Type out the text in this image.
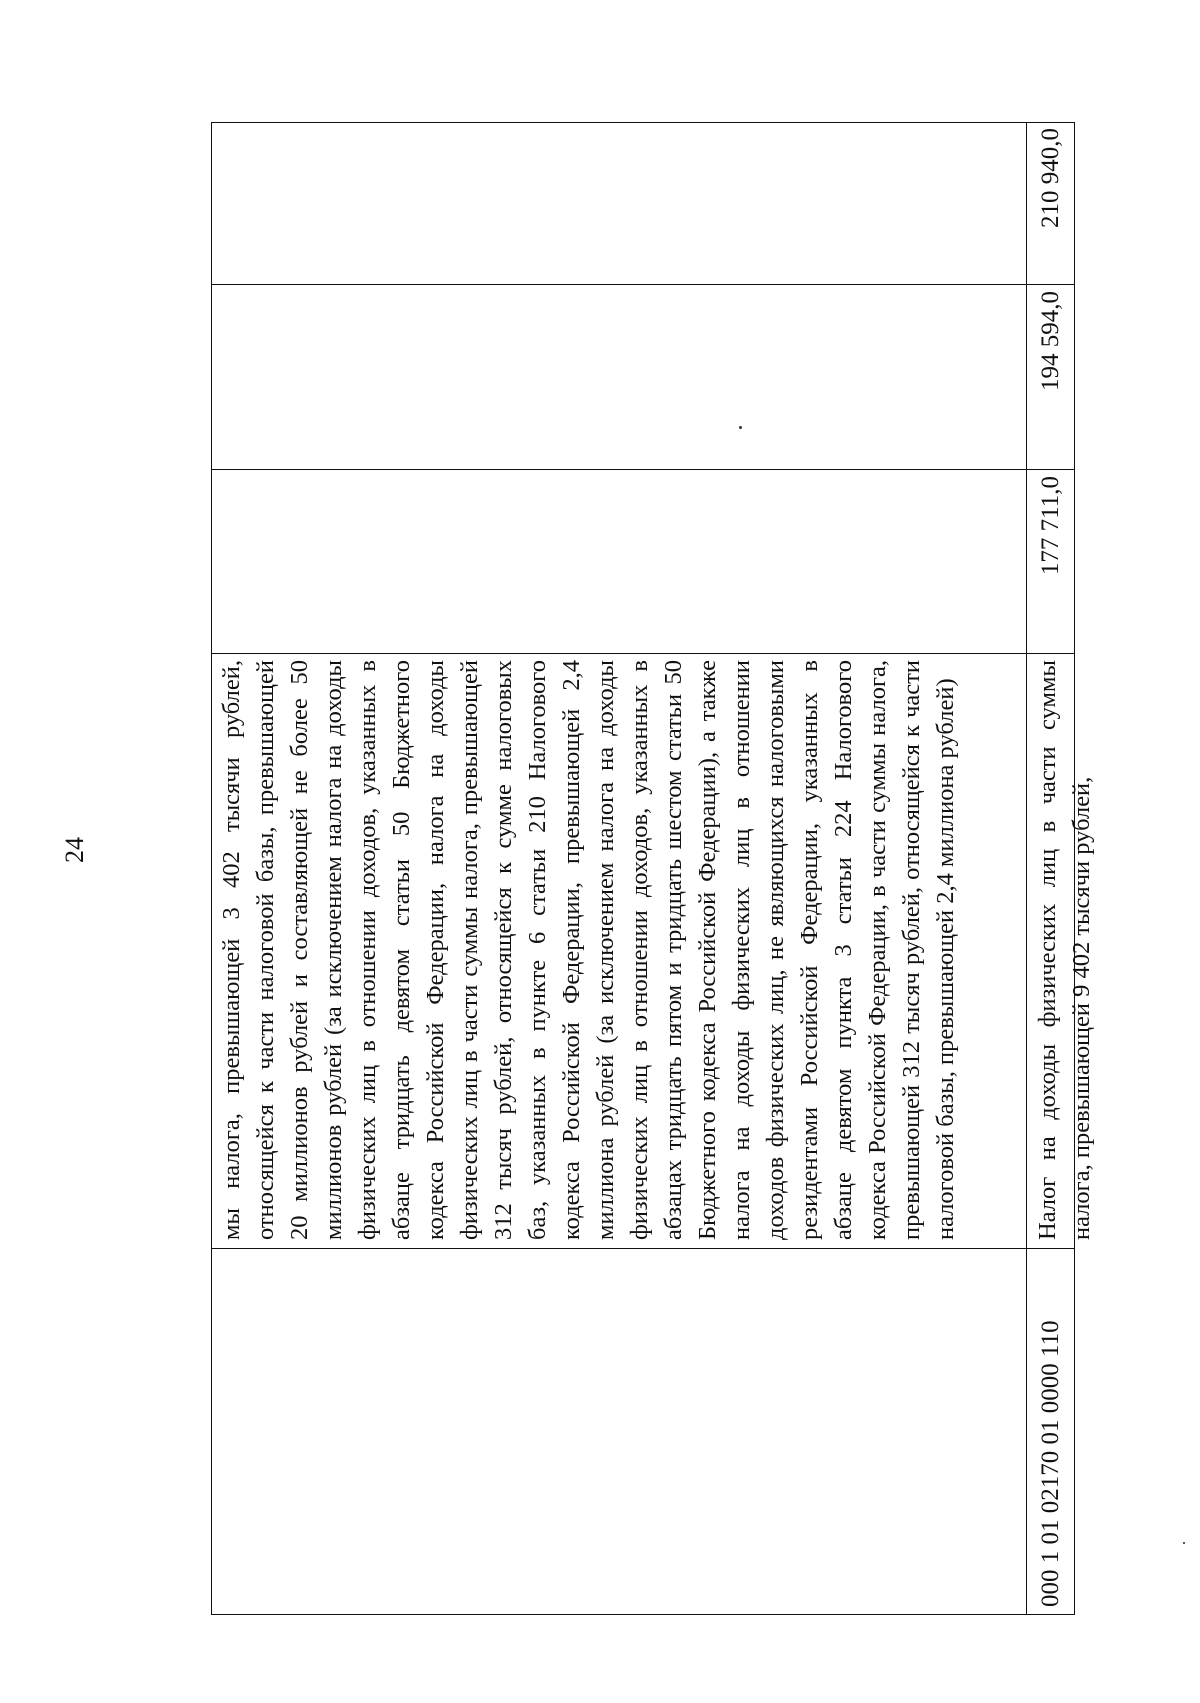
24	мы налога, превышающей 3 402 тысячи рублей, относящейся к части налоговой базы, превышающей 20 миллионов рублей и составляющей не более 50 миллионов рублей (за исключением налога на доходы физических лиц в отношении доходов, указанных в абзаце тридцать девятом статьи 50 Бюджетного кодекса Российской Федерации, налога на доходы физических лиц в части суммы налога, превышающей 312 тысяч рублей, относящейся к сумме налоговых баз, указанных в пункте 6 статьи 210 Налогового кодекса Российской Федерации, превышающей 2,4 миллиона рублей (за исключением налога на доходы физических лиц в отношении доходов, указанных в абзацах тридцать пятом и тридцать шестом статьи 50 Бюджетного кодекса Российской Федерации), а также налога на доходы физических лиц в отношении доходов физических лиц, не являющихся налоговыми резидентами Российской Федерации, указанных в абзаце девятом пункта 3 статьи 224 Налогового кодекса Российской Федерации, в части суммы налога, превышающей 312 тысяч рублей, относящейся к части налоговой базы, превышающей 2,4 миллиона рублей)
000 1 01 02170 01 0000 110
Налог на доходы физических лиц в части суммы налога, превышающей 9 402 тысячи рублей,
177 711,0
194 594,0
210 940,0
